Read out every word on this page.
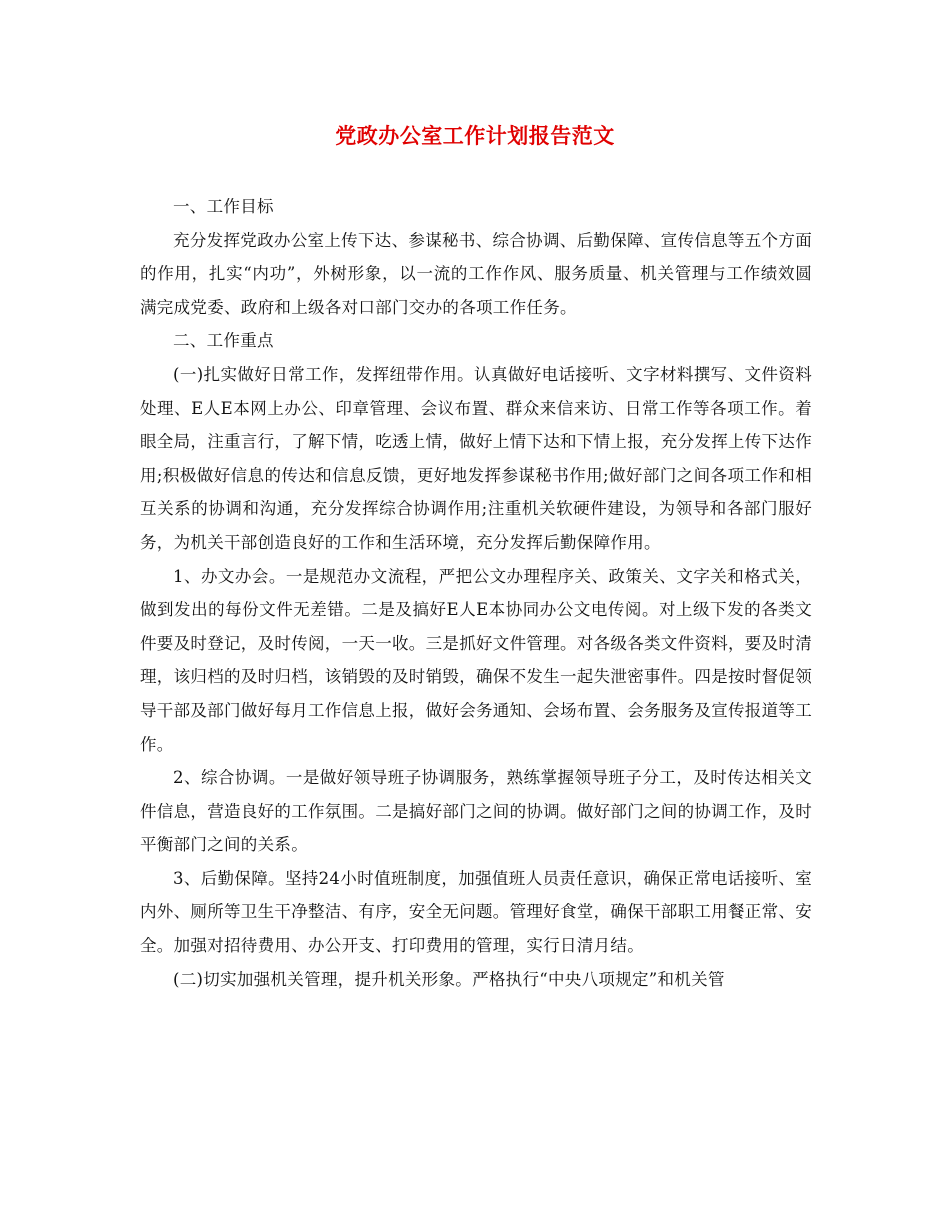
党政办公室工作计划报告范文

一、工作目标

充分发挥党政办公室上传下达、参谋秘书、综合协调、后勤保障、宣传信息等五个方面的作用，扎实“内功”，外树形象，以一流的工作作风、服务质量、机关管理与工作绩效圆满完成党委、政府和上级各对口部门交办的各项工作任务。

二、工作重点

(一)扎实做好日常工作，发挥纽带作用。认真做好电话接听、文字材料撰写、文件资料处理、E人E本网上办公、印章管理、会议布置、群众来信来访、日常工作等各项工作。着眼全局，注重言行，了解下情，吃透上情，做好上情下达和下情上报，充分发挥上传下达作用;积极做好信息的传达和信息反馈，更好地发挥参谋秘书作用;做好部门之间各项工作和相互关系的协调和沟通，充分发挥综合协调作用;注重机关软硬件建设，为领导和各部门服好务，为机关干部创造良好的工作和生活环境，充分发挥后勤保障作用。

1、办文办会。一是规范办文流程，严把公文办理程序关、政策关、文字关和格式关，做到发出的每份文件无差错。二是及搞好E人E本协同办公文电传阅。对上级下发的各类文件要及时登记，及时传阅，一天一收。三是抓好文件管理。对各级各类文件资料，要及时清理，该归档的及时归档，该销毁的及时销毁，确保不发生一起失泄密事件。四是按时督促领导干部及部门做好每月工作信息上报，做好会务通知、会场布置、会务服务及宣传报道等工作。

2、综合协调。一是做好领导班子协调服务，熟练掌握领导班子分工，及时传达相关文件信息，营造良好的工作氛围。二是搞好部门之间的协调。做好部门之间的协调工作，及时平衡部门之间的关系。

3、后勤保障。坚持24小时值班制度，加强值班人员责任意识，确保正常电话接听、室内外、厕所等卫生干净整洁、有序，安全无问题。管理好食堂，确保干部职工用餐正常、安全。加强对招待费用、办公开支、打印费用的管理，实行日清月结。

(二)切实加强机关管理，提升机关形象。严格执行“中央八项规定”和机关管
